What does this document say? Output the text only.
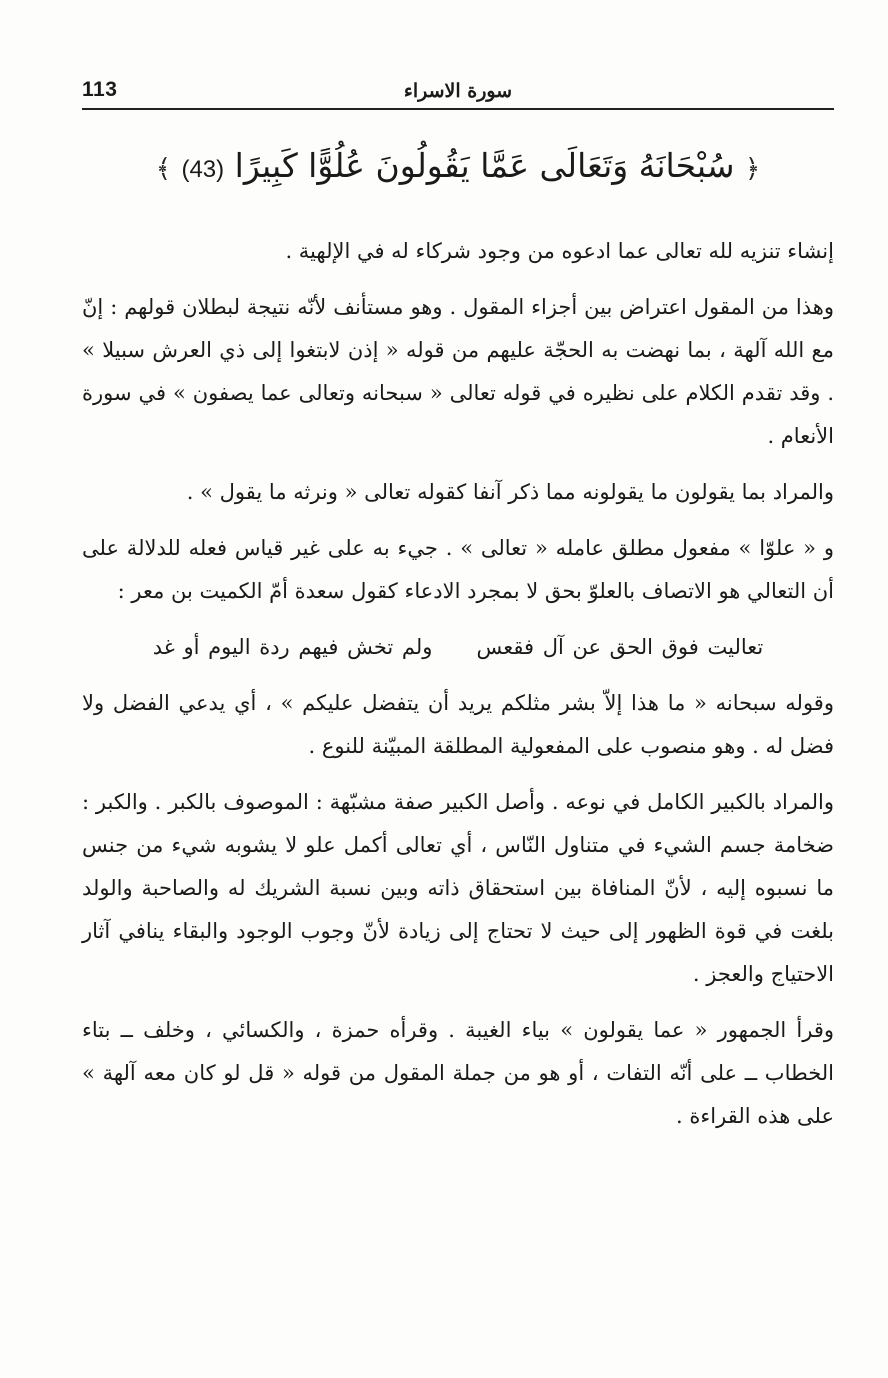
113	سورة الاسراء
﴿ سُبْحَانَهُ وَتَعَالَى عَمَّا يَقُولُونَ عُلُوًّا كَبِيرًا (43) ﴾

إنشاء تنزيه لله تعالى عما ادعوه من وجود شركاء له في الإلهية .

وهذا من المقول اعتراض بين أجزاء المقول . وهو مستأنف لأنّه نتيجة لبطلان قولهم : إنّ مع الله آلهة ، بما نهضت به الحجّة عليهم من قوله « إذن لابتغوا إلى ذي العرش سبيلا » . وقد تقدم الكلام على نظيره في قوله تعالى « سبحانه وتعالى عما يصفون » في سورة الأنعام .

والمراد بما يقولون ما يقولونه مما ذكر آنفا كقوله تعالى « ونرثه ما يقول » .

و « علوّا » مفعول مطلق عامله « تعالى » . جيء به على غير قياس فعله للدلالة على أن التعالي هو الاتصاف بالعلوّ بحق لا بمجرد الادعاء كقول سعدة أمّ الكميت بن معر :

تعاليت فوق الحق عن آل فقعسولم تخش فيهم ردة اليوم أو غد

وقوله سبحانه « ما هذا إلاّ بشر مثلكم يريد أن يتفضل عليكم » ، أي يدعي الفضل ولا فضل له . وهو منصوب على المفعولية المطلقة المبيّنة للنوع .

والمراد بالكبير الكامل في نوعه . وأصل الكبير صفة مشبّهة : الموصوف بالكبر . والكبر : ضخامة جسم الشيء في متناول النّاس ، أي تعالى أكمل علو لا يشوبه شيء من جنس ما نسبوه إليه ، لأنّ المنافاة بين استحقاق ذاته وبين نسبة الشريك له والصاحبة والولد بلغت في قوة الظهور إلى حيث لا تحتاج إلى زيادة لأنّ وجوب الوجود والبقاء ينافي آثار الاحتياج والعجز .

وقرأ الجمهور « عما يقولون » بياء الغيبة . وقرأه حمزة ، والكسائي ، وخلف ــ بتاء الخطاب ــ على أنّه التفات ، أو هو من جملة المقول من قوله « قل لو كان معه آلهة » على هذه القراءة .
